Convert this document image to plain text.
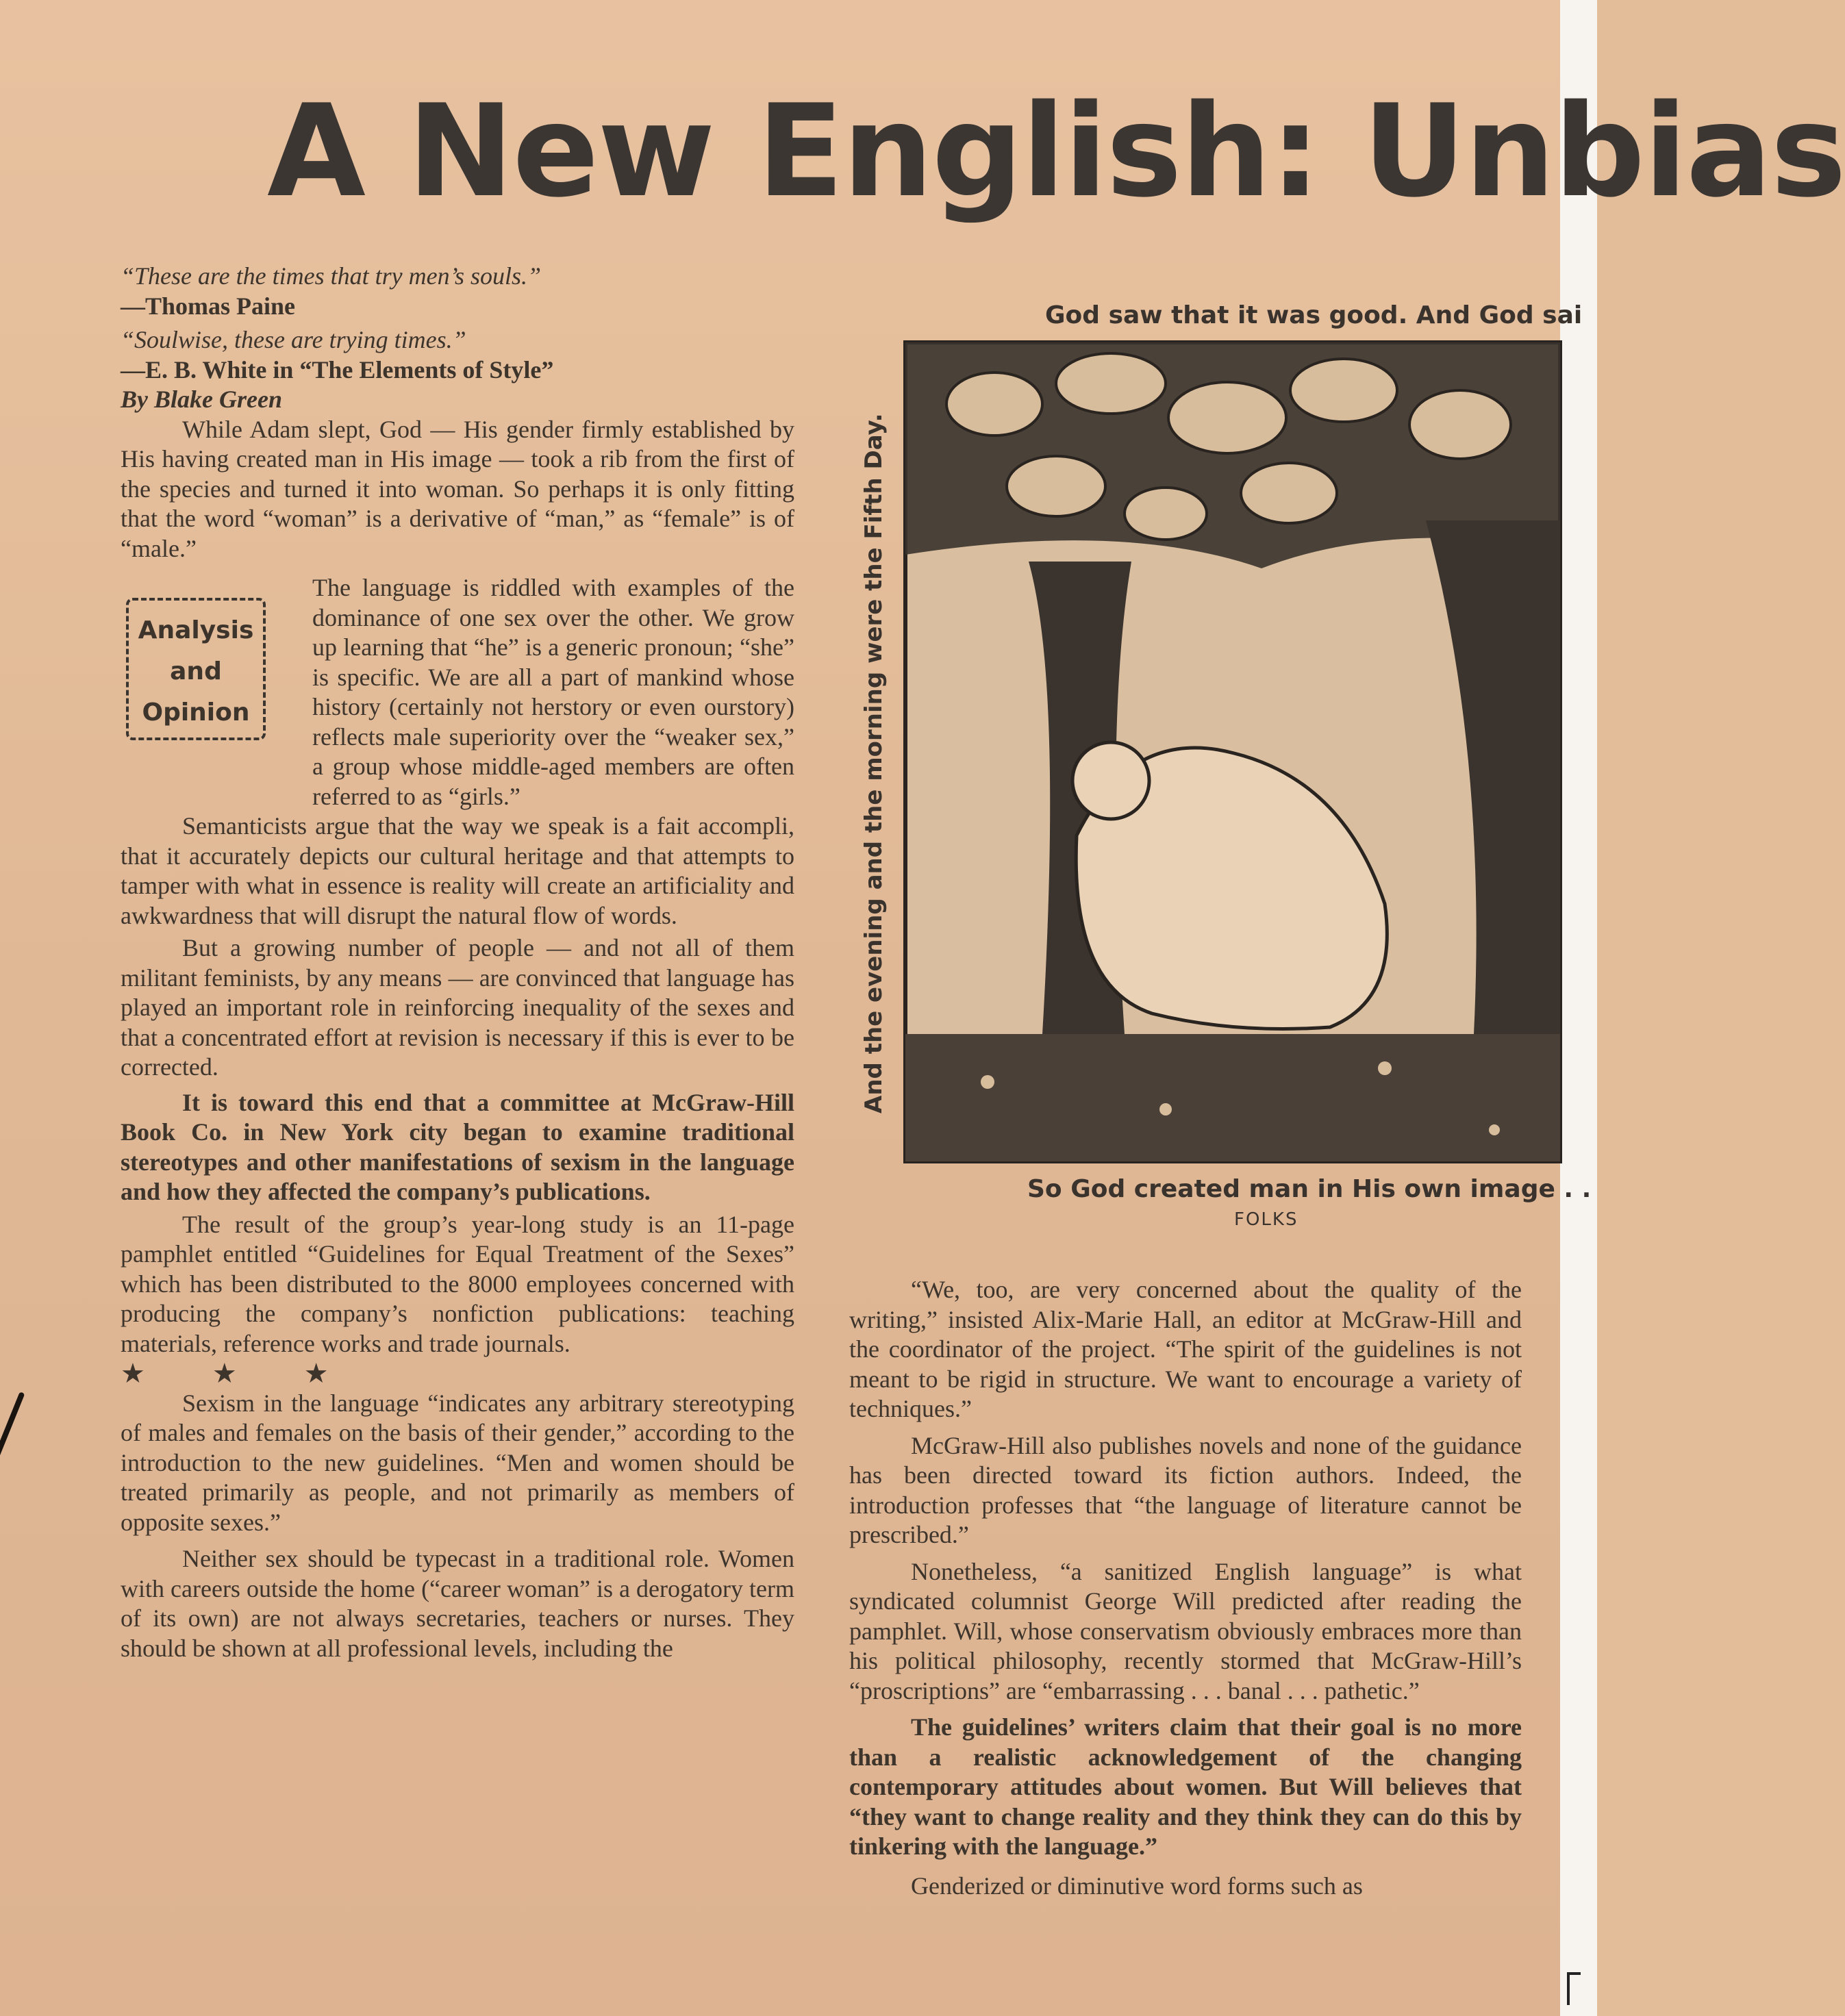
A New English: Unbias

“These are the times that try men’s souls.”

—Thomas Paine

“Soulwise, these are trying times.”

—E. B. White in “The Elements of Style”

By Blake Green

While Adam slept, God — His gender firmly established by His having created man in His image — took a rib from the first of the species and turned it into woman. So perhaps it is only fitting that the word “woman” is a derivative of “man,” as “female” is of “male.”

Analysis
and
Opinion
The language is riddled with examples of the dominance of one sex over the other. We grow up learning that “he” is a generic pronoun; “she” is specific. We are all a part of mankind whose history (certainly not herstory or even ourstory) reflects male superiority over the “weaker sex,” a group whose middle-aged members are often referred to as “girls.”

Semanticists argue that the way we speak is a fait accompli, that it accurately depicts our cultural heritage and that attempts to tamper with what in essence is reality will create an artificiality and awkwardness that will disrupt the natural flow of words.

But a growing number of people — and not all of them militant feminists, by any means — are convinced that language has played an important role in reinforcing inequality of the sexes and that a concentrated effort at revision is necessary if this is ever to be corrected.

It is toward this end that a committee at McGraw-Hill Book Co. in New York city began to examine traditional stereotypes and other manifestations of sexism in the language and how they affected the company’s publications.

The result of the group’s year-long study is an 11-page pamphlet entitled “Guidelines for Equal Treatment of the Sexes” which has been distributed to the 8000 employees concerned with producing the company’s nonfiction publications: teaching materials, reference works and trade journals.

★ ★ ★

Sexism in the language “indicates any arbitrary stereotyping of males and females on the basis of their gender,” according to the introduction to the new guidelines. “Men and women should be treated primarily as people, and not primarily as members of opposite sexes.”

Neither sex should be typecast in a traditional role. Women with careers outside the home (“career woman” is a derogatory term of its own) are not always secretaries, teachers or nurses. They should be shown at all professional levels, including the

God saw that it was good. And God sai
And the evening and the morning were the Fifth Day.
So God created man in His own image . .
FOLKS

“We, too, are very concerned about the quality of the writing,” insisted Alix-Marie Hall, an editor at McGraw-Hill and the coordinator of the project. “The spirit of the guidelines is not meant to be rigid in structure. We want to encourage a variety of techniques.”

McGraw-Hill also publishes novels and none of the guidance has been directed toward its fiction authors. Indeed, the introduction professes that “the language of literature cannot be prescribed.”

Nonetheless, “a sanitized English language” is what syndicated columnist George Will predicted after reading the pamphlet. Will, whose conservatism obviously embraces more than his political philosophy, recently stormed that McGraw-Hill’s “proscriptions” are “embarrassing . . . banal . . . pathetic.”

The guidelines’ writers claim that their goal is no more than a realistic acknowledgement of the changing contemporary attitudes about women. But Will believes that “they want to change reality and they think they can do this by tinkering with the language.”

Genderized or diminutive word forms such as
